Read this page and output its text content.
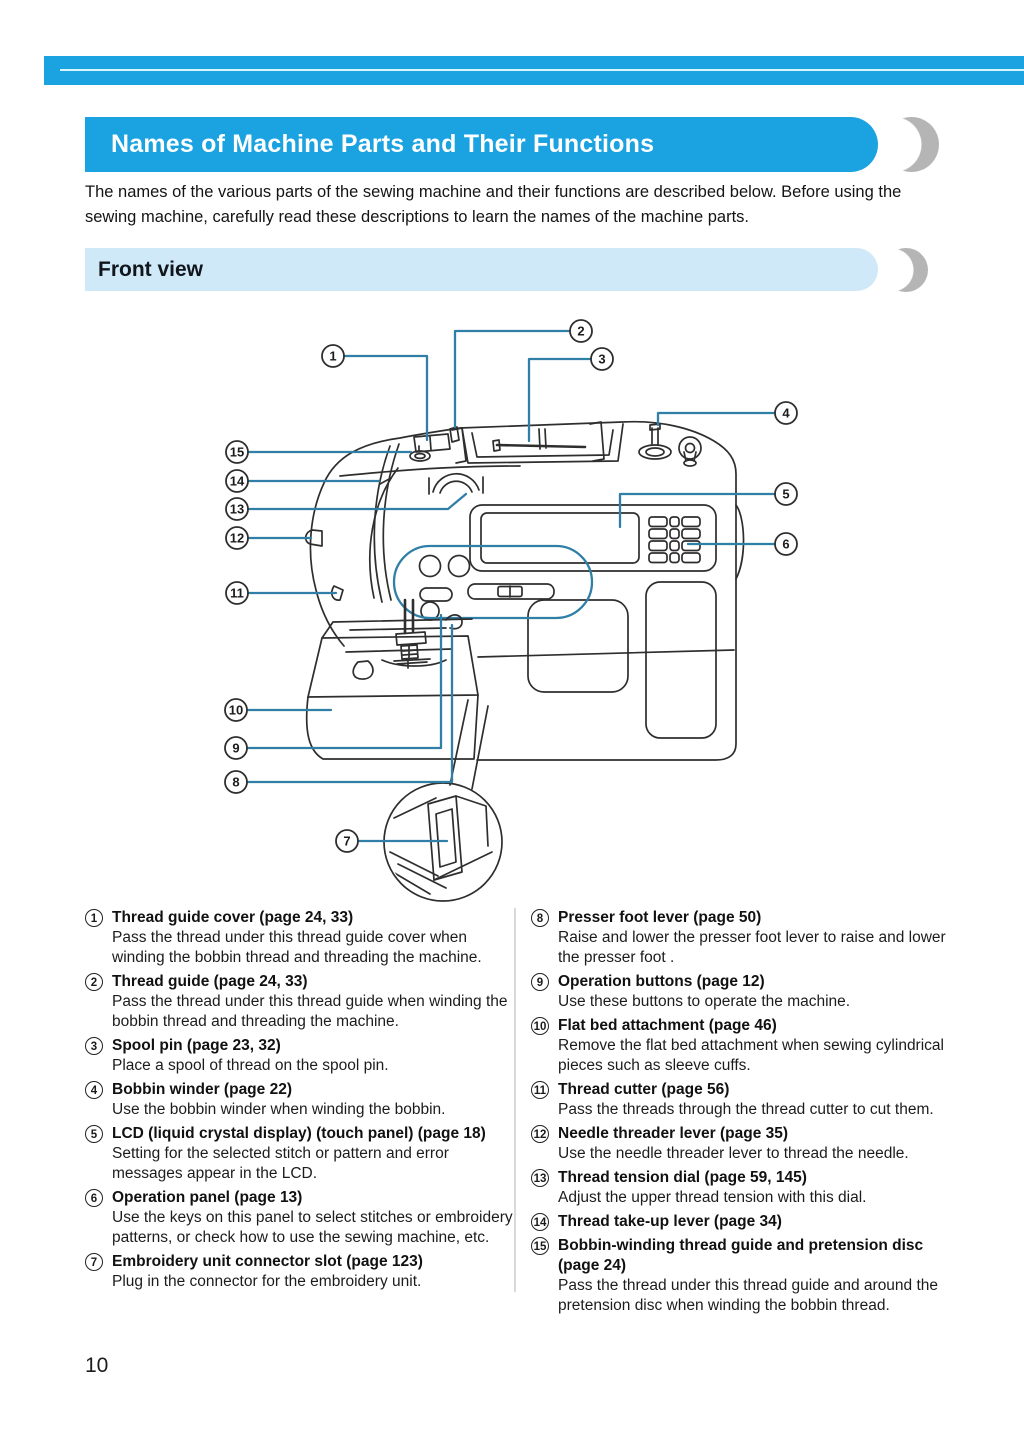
Names of Machine Parts and Their Functions
The names of the various parts of the sewing machine and their functions are described below. Before using the sewing machine, carefully read these descriptions to learn the names of the machine parts.
Front view
1
2
3
4
5
6
7
8
9
10
11
12
13
14
15
1 Thread guide cover (page 24, 33)
Pass the thread under this thread guide cover when winding the bobbin thread and threading the machine.
2 Thread guide (page 24, 33)
Pass the thread under this thread guide when winding the bobbin thread and threading the machine.
3 Spool pin (page 23, 32)
Place a spool of thread on the spool pin.
4 Bobbin winder (page 22)
Use the bobbin winder when winding the bobbin.
5 LCD (liquid crystal display) (touch panel) (page 18)
Setting for the selected stitch or pattern and error messages appear in the LCD.
6 Operation panel (page 13)
Use the keys on this panel to select stitches or embroidery patterns, or check how to use the sewing machine, etc.
7 Embroidery unit connector slot (page 123)
Plug in the connector for the embroidery unit.
8 Presser foot lever (page 50)
Raise and lower the presser foot lever to raise and lower the presser foot .
9 Operation buttons (page 12)
Use these buttons to operate the machine.
10 Flat bed attachment (page 46)
Remove the flat bed attachment when sewing cylindrical pieces such as sleeve cuffs.
11 Thread cutter (page 56)
Pass the threads through the thread cutter to cut them.
12 Needle threader lever (page 35)
Use the needle threader lever to thread the needle.
13 Thread tension dial (page 59, 145)
Adjust the upper thread tension with this dial.
14 Thread take-up lever (page 34)
15 Bobbin-winding thread guide and pretension disc (page 24)
Pass the thread under this thread guide and around the pretension disc when winding the bobbin thread.
10
